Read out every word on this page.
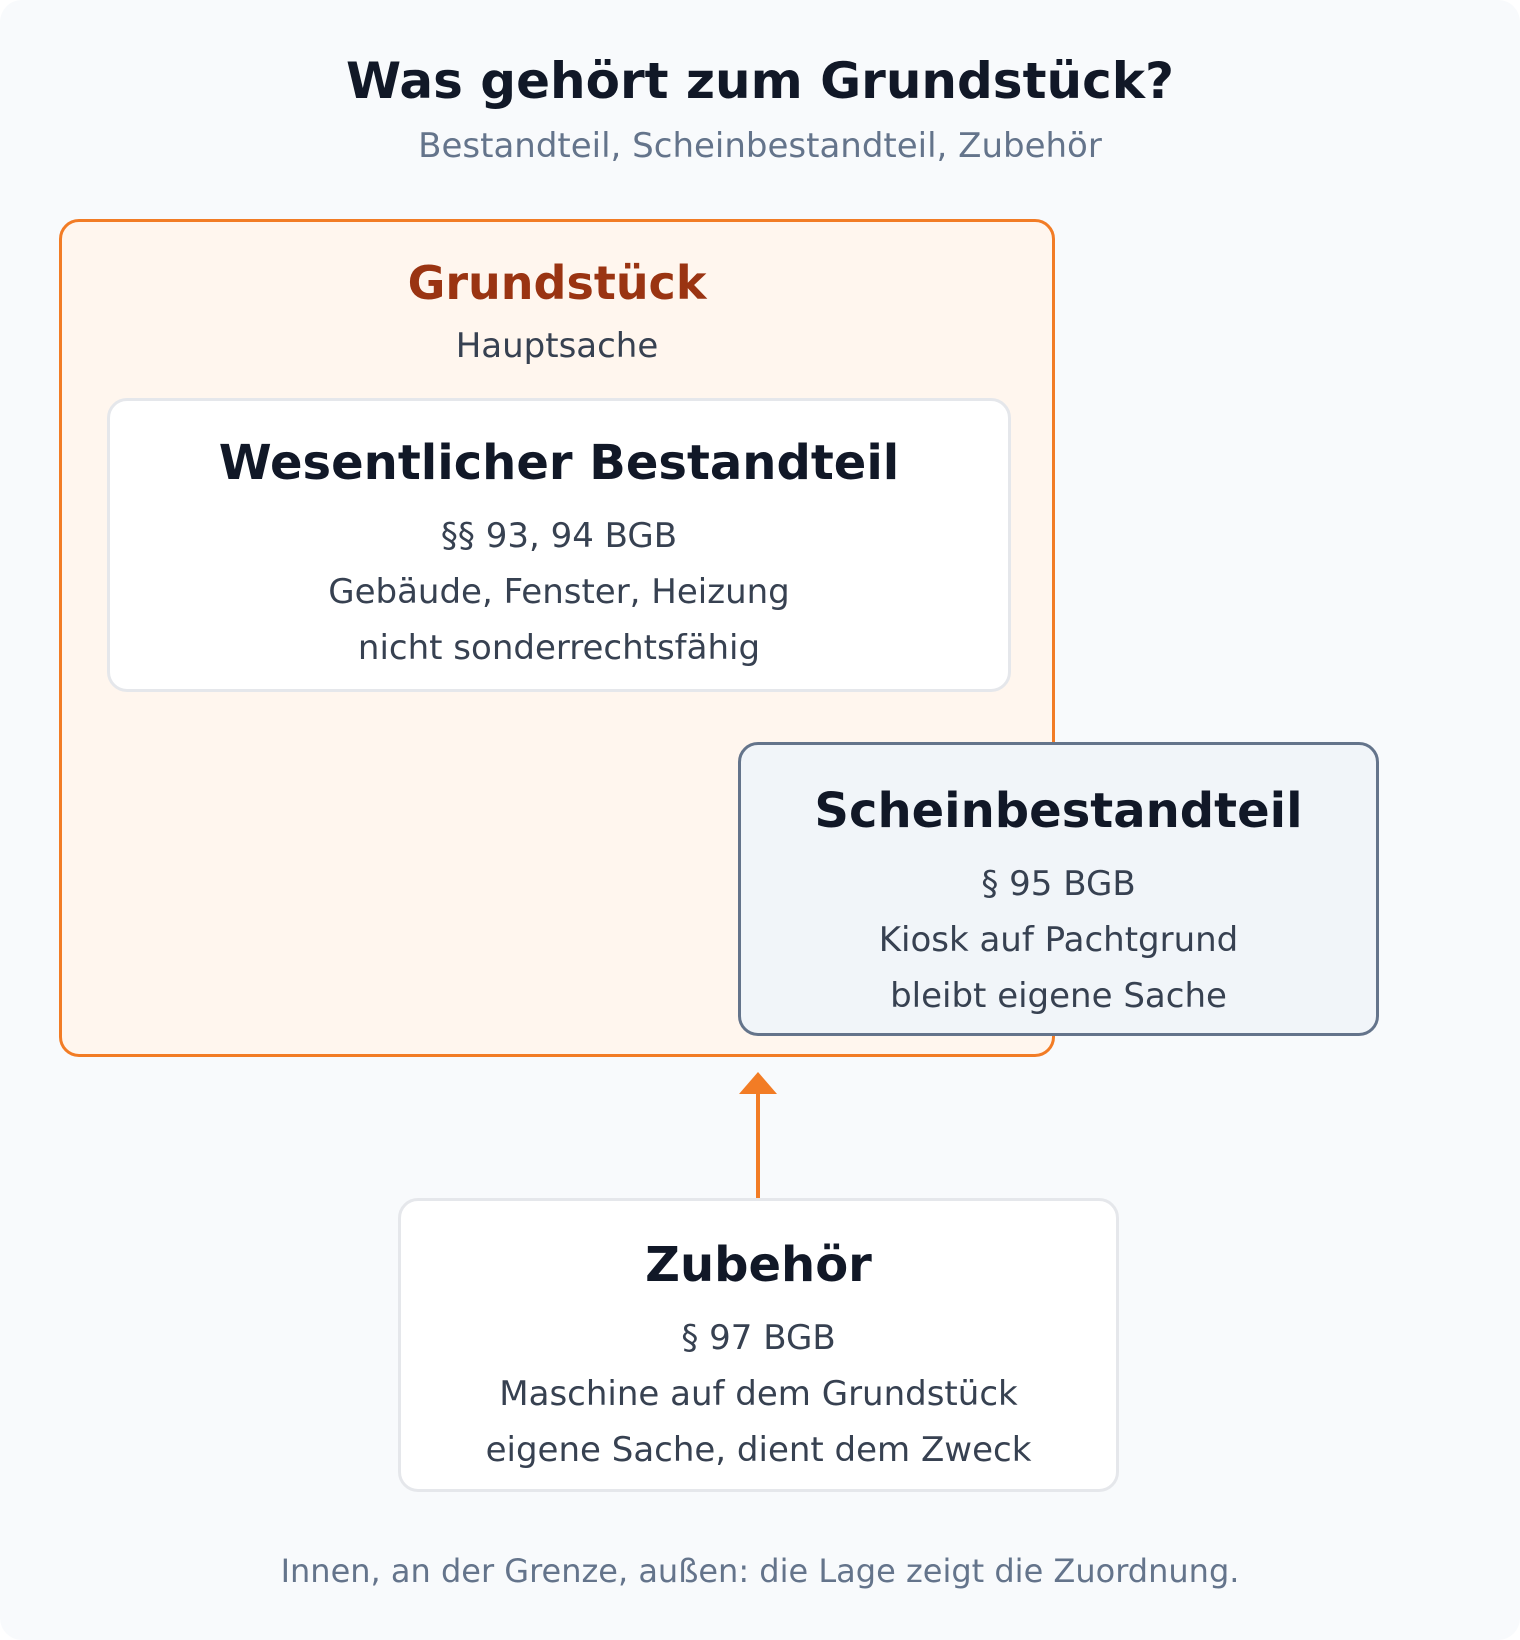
Was gehört zum Grundstück?
Bestandteil, Scheinbestandteil, Zubehör
Grundstück
Hauptsache
Wesentlicher Bestandteil
§§ 93, 94 BGB
Gebäude, Fenster, Heizung
nicht sonderrechtsfähig
Scheinbestandteil
§ 95 BGB
Kiosk auf Pachtgrund
bleibt eigene Sache
Zubehör
§ 97 BGB
Maschine auf dem Grundstück
eigene Sache, dient dem Zweck
Innen, an der Grenze, außen: die Lage zeigt die Zuordnung.
